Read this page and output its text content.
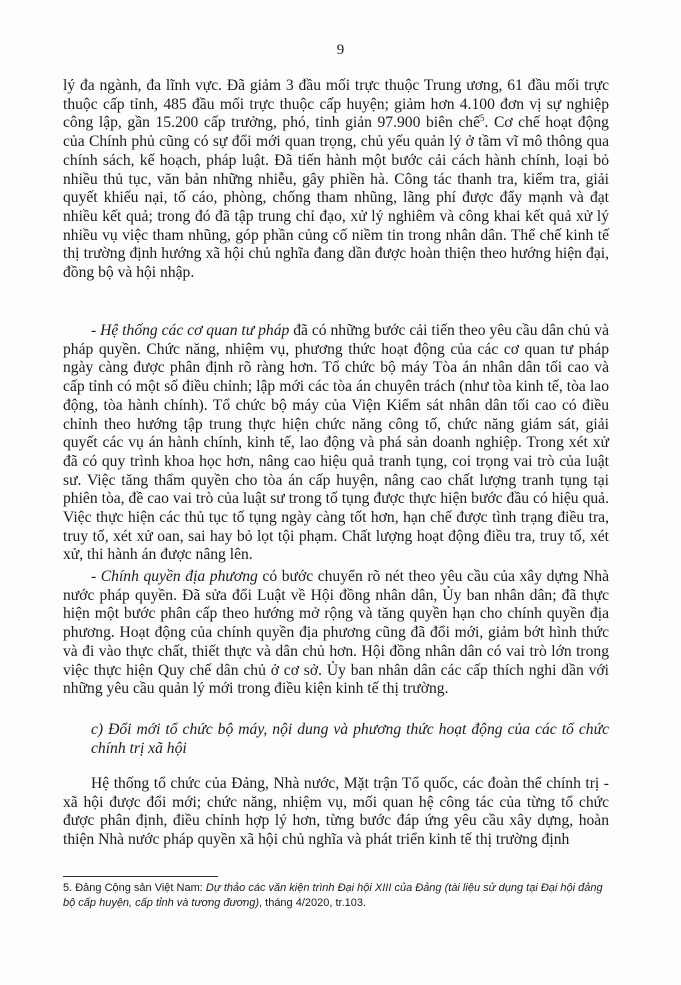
9

lý đa ngành, đa lĩnh vực. Đã giảm 3 đầu mối trực thuộc Trung ương, 61 đầu mối trực thuộc cấp tỉnh, 485 đầu mối trực thuộc cấp huyện; giảm hơn 4.100 đơn vị sự nghiệp công lập, gần 15.200 cấp trưởng, phó, tinh giản 97.900 biên chế$^5$. Cơ chế hoạt động của Chính phủ cũng có sự đổi mới quan trọng, chủ yếu quản lý ở tầm vĩ mô thông qua chính sách, kế hoạch, pháp luật. Đã tiến hành một bước cải cách hành chính, loại bỏ nhiều thủ tục, văn bản những nhiễu, gây phiền hà. Công tác thanh tra, kiểm tra, giải quyết khiếu nại, tố cáo, phòng, chống tham nhũng, lãng phí được đẩy mạnh và đạt nhiều kết quả; trong đó đã tập trung chỉ đạo, xử lý nghiêm và công khai kết quả xử lý nhiều vụ việc tham nhũng, góp phần củng cố niềm tin trong nhân dân. Thể chế kinh tế thị trường định hướng xã hội chủ nghĩa đang dần được hoàn thiện theo hướng hiện đại, đồng bộ và hội nhập.

- Hệ thống các cơ quan tư pháp đã có những bước cải tiến theo yêu cầu dân chủ và pháp quyền. Chức năng, nhiệm vụ, phương thức hoạt động của các cơ quan tư pháp ngày càng được phân định rõ ràng hơn. Tổ chức bộ máy Tòa án nhân dân tối cao và cấp tỉnh có một số điều chỉnh; lập mới các tòa án chuyên trách (như tòa kinh tế, tòa lao động, tòa hành chính). Tổ chức bộ máy của Viện Kiểm sát nhân dân tối cao có điều chỉnh theo hướng tập trung thực hiện chức năng công tố, chức năng giám sát, giải quyết các vụ án hành chính, kinh tế, lao động và phá sản doanh nghiệp. Trong xét xử đã có quy trình khoa học hơn, nâng cao hiệu quả tranh tụng, coi trọng vai trò của luật sư. Việc tăng thẩm quyền cho tòa án cấp huyện, nâng cao chất lượng tranh tụng tại phiên tòa, đề cao vai trò của luật sư trong tố tụng được thực hiện bước đầu có hiệu quả. Việc thực hiện các thủ tục tố tụng ngày càng tốt hơn, hạn chế được tình trạng điều tra, truy tố, xét xử oan, sai hay bỏ lọt tội phạm. Chất lượng hoạt động điều tra, truy tố, xét xử, thi hành án được nâng lên.

- Chính quyền địa phương có bước chuyển rõ nét theo yêu cầu của xây dựng Nhà nước pháp quyền. Đã sửa đổi Luật về Hội đồng nhân dân, Ủy ban nhân dân; đã thực hiện một bước phân cấp theo hướng mở rộng và tăng quyền hạn cho chính quyền địa phương. Hoạt động của chính quyền địa phương cũng đã đổi mới, giảm bớt hình thức và đi vào thực chất, thiết thực và dân chủ hơn. Hội đồng nhân dân có vai trò lớn trong việc thực hiện Quy chế dân chủ ở cơ sở. Ủy ban nhân dân các cấp thích nghi dần với những yêu cầu quản lý mới trong điều kiện kinh tế thị trường.

c) Đổi mới tổ chức bộ máy, nội dung và phương thức hoạt động của các tổ chức chính trị xã hội

Hệ thống tổ chức của Đảng, Nhà nước, Mặt trận Tổ quốc, các đoàn thể chính trị - xã hội được đổi mới; chức năng, nhiệm vụ, mối quan hệ công tác của từng tổ chức được phân định, điều chỉnh hợp lý hơn, từng bước đáp ứng yêu cầu xây dựng, hoàn thiện Nhà nước pháp quyền xã hội chủ nghĩa và phát triển kinh tế thị trường định

5. Đảng Cộng sản Việt Nam: Dự thảo các văn kiện trình Đại hội XIII của Đảng (tài liệu sử dụng tại Đại hội đảng bộ cấp huyện, cấp tỉnh và tương đương), tháng 4/2020, tr.103.
